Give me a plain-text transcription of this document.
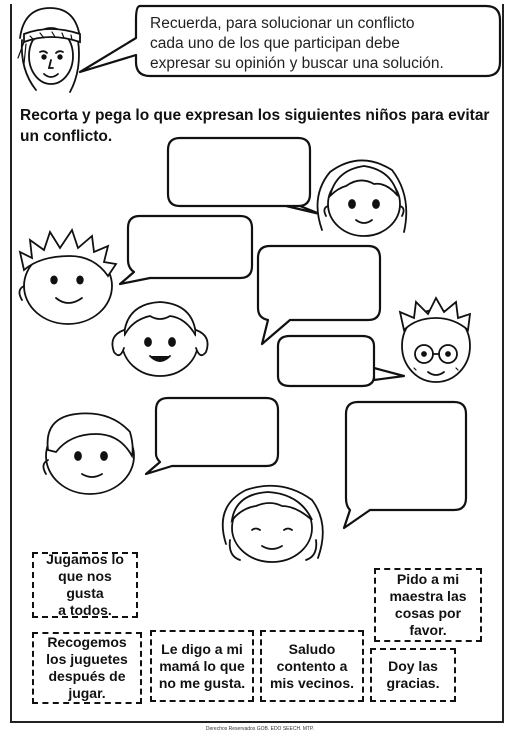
Recuerda, para solucionar un conflicto
cada uno de los que participan debe
expresar su opinión y buscar una solución.
Recorta y pega lo que expresan los siguientes niños para evitar
un conflicto.
Jugamos lo
que nos gusta
a todos.
Pido a mi
maestra las
cosas por
favor.
Recogemos
los juguetes
después de
jugar.
Le digo a mi
mamá lo que
no me gusta.
Saludo
contento a
mis vecinos.
Doy las
gracias.
Derechos Reservados GOB. EDO SEECH. MTP.
